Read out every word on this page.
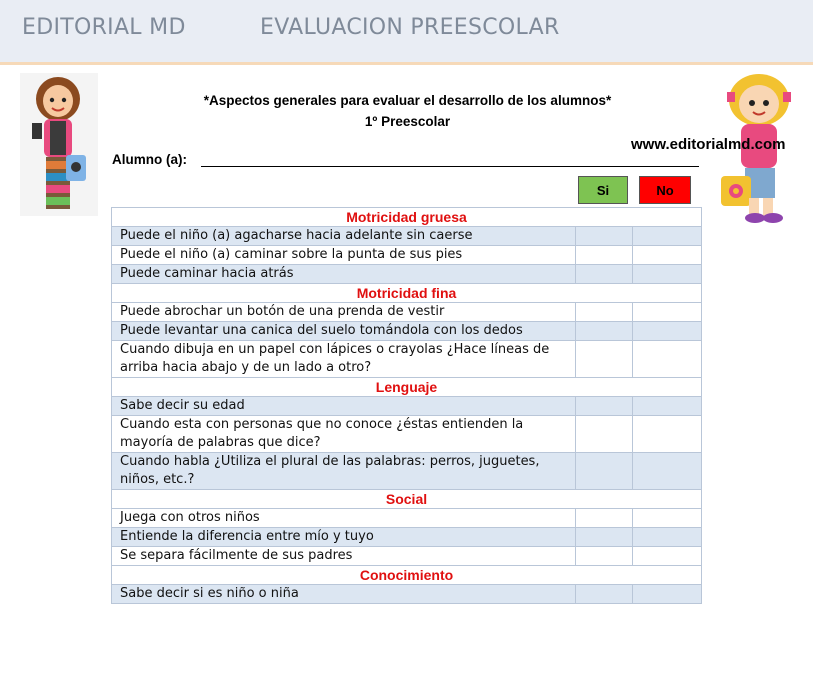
EDITORIAL MD	EVALUACION PREESCOLAR
*Aspectos generales para evaluar el desarrollo de los alumnos*
1º Preescolar
www.editorialmd.com
Alumno (a):
Si	No
Motricidad gruesa		
Puede el niño (a) agacharse hacia adelante sin caerse		
Puede el niño (a) caminar sobre la punta de sus pies		
Puede caminar hacia atrás		
Motricidad fina		
Puede abrochar un botón de una prenda de vestir		
Puede levantar una canica del suelo tomándola con los dedos		
Cuando dibuja en un papel con lápices o crayolas ¿Hace líneas de arriba hacia abajo y de un lado a otro?		
Lenguaje		
Sabe decir su edad		
Cuando esta con personas que no conoce ¿éstas entienden la mayoría de palabras que dice?		
Cuando habla ¿Utiliza el plural de las palabras: perros, juguetes, niños, etc.?		
Social		
Juega con otros niños		
Entiende la diferencia entre mío y tuyo		
Se separa fácilmente de sus padres		
Conocimiento		
Sabe decir si es niño o niña		
